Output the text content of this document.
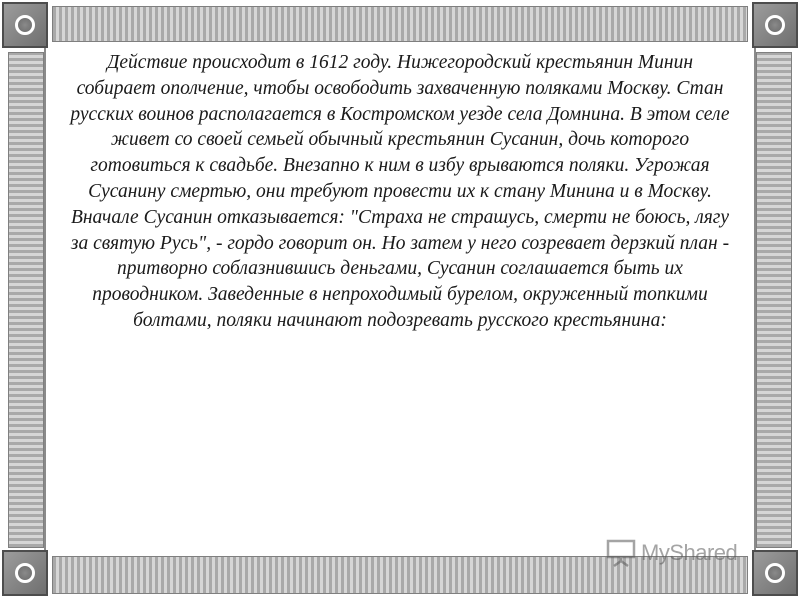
Действие происходит в 1612 году. Нижегородский крестьянин Минин собирает ополчение, чтобы освободить захваченную поляками Москву. Стан русских воинов располагается в Костромском уезде села Домнина. В этом селе живет со своей семьей обычный крестьянин Сусанин, дочь которого готовиться к свадьбе. Внезапно к ним в избу врываются поляки. Угрожая Сусанину смертью, они требуют провести их к стану Минина и в Москву. Вначале Сусанин отказывается: "Страха не страшусь, смерти не боюсь, лягу за святую Русь", - гордо говорит он. Но затем у него созревает дерзкий план - притворно соблазнившись деньгами, Сусанин соглашается быть их проводником. Заведенные в непроходимый бурелом, окруженный топкими болтами, поляки начинают подозревать русского крестьянина:

MyShared
